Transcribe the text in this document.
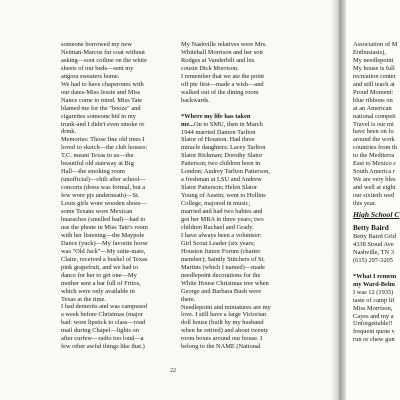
someone borrowed my new

Neiman-Marcus fur coat without

asking—soot coiline on the white

sheets of our beds—sent my

angora sweaters home.

We had to have chaperones with

our dates-Miss Jessie and Miss

Nance come to mind. Miss Tate

blamed me for the "booze" and

cigarettes someone hid in my

trunk-and I didn't even smoke or

drink.

Memories: Those fine old trees I

loved to sketch—the club houses:

T.C. meant Texas to us—the

beautiful old stairway at Big

Hall—the smoking room

(unofficial)—chili after school—

concerts (dress was formal, but a

few wore pjs underneath)—St.

Louis girls wore wooden shoes—

some Texans wore Mexican

huaraches (smelled bad)—had to

use the phone in Miss Tate's room

with her listening—the Maypole

Dance (yuck)—My favorite horse

was "Old Jack"—My suite-mate,

Claire, received a bushel of Texas

pink grapefruit, and we had to

dance for her to get one—My

mother sent a bar full of Fritos,

which were only available in

Texas at the time.

I had demerits and was campused

a week before Christmas (major

bad: wore lipstick to class—road

mail during Chapel—lights on

after curfew—radio too loud—a

few other awful things like that.)

My Nashville relatives were Mrs.

Whitehall Morrison and her son

Rodges at Vanderbilt and his

cousin Dick Morrison.

I remember that we ate the point

off pie first—made a wish—and

walked out of the dining room

backwards.

*Where my life has taken

me...On to SMU, then in March

1944 married Damon Tarlton

Slator of Houston. Had three

miracle daughters: Lacey Tarlton

Slator Rickman; Dorothy Slator

Patterson; two children born in

London; Audrey Tarlton Patterson,

a freshman at LSU and Andrew

Slator Patterson; Helen Slator

Young of Austin; went to Hollins

College, majored in music,

married and had two babies and

got her MBA in three years; two

children Rachael and Grady.

I have always been a volunteer:

Girl Scout Leader (six years;

Houston Junior Forum (charter

member); Saintly Stitchers of St.

Martins (which I named)—made

needlepoint decorations for the

White House Christmas tree when

George and Barbara Bush were

there.

Needlepoint and miniatures are my

love. I still have a large Victorian

doll house (built by my husband

when he retired) and about twenty

room boxes around our house. I

belong to the NAME (National

22

Association of M

Enthusiasts),

My needlepoint

My house is full

recreation center

and still teach at

Proud Moment:

blue ribbons on

at an American

national competi

Travel is our mi

have been on fo

around the work

countries from th

to the Mediterra

East to Mexico c

South America r

We are very bles

and well at eight

our sixtieth wed

this year.

High School C

Betty Baird

Betty Baird Grid

4338 Stoud Ave

Nashville, TN 3

(615) 297-3205

*What I remem

my Ward-Belm

I was 12 (1935)

taste of camp lif

Miss Morrison,

Cayes and my a

Unforgettable!!

frequent quote v

run or chew gun
